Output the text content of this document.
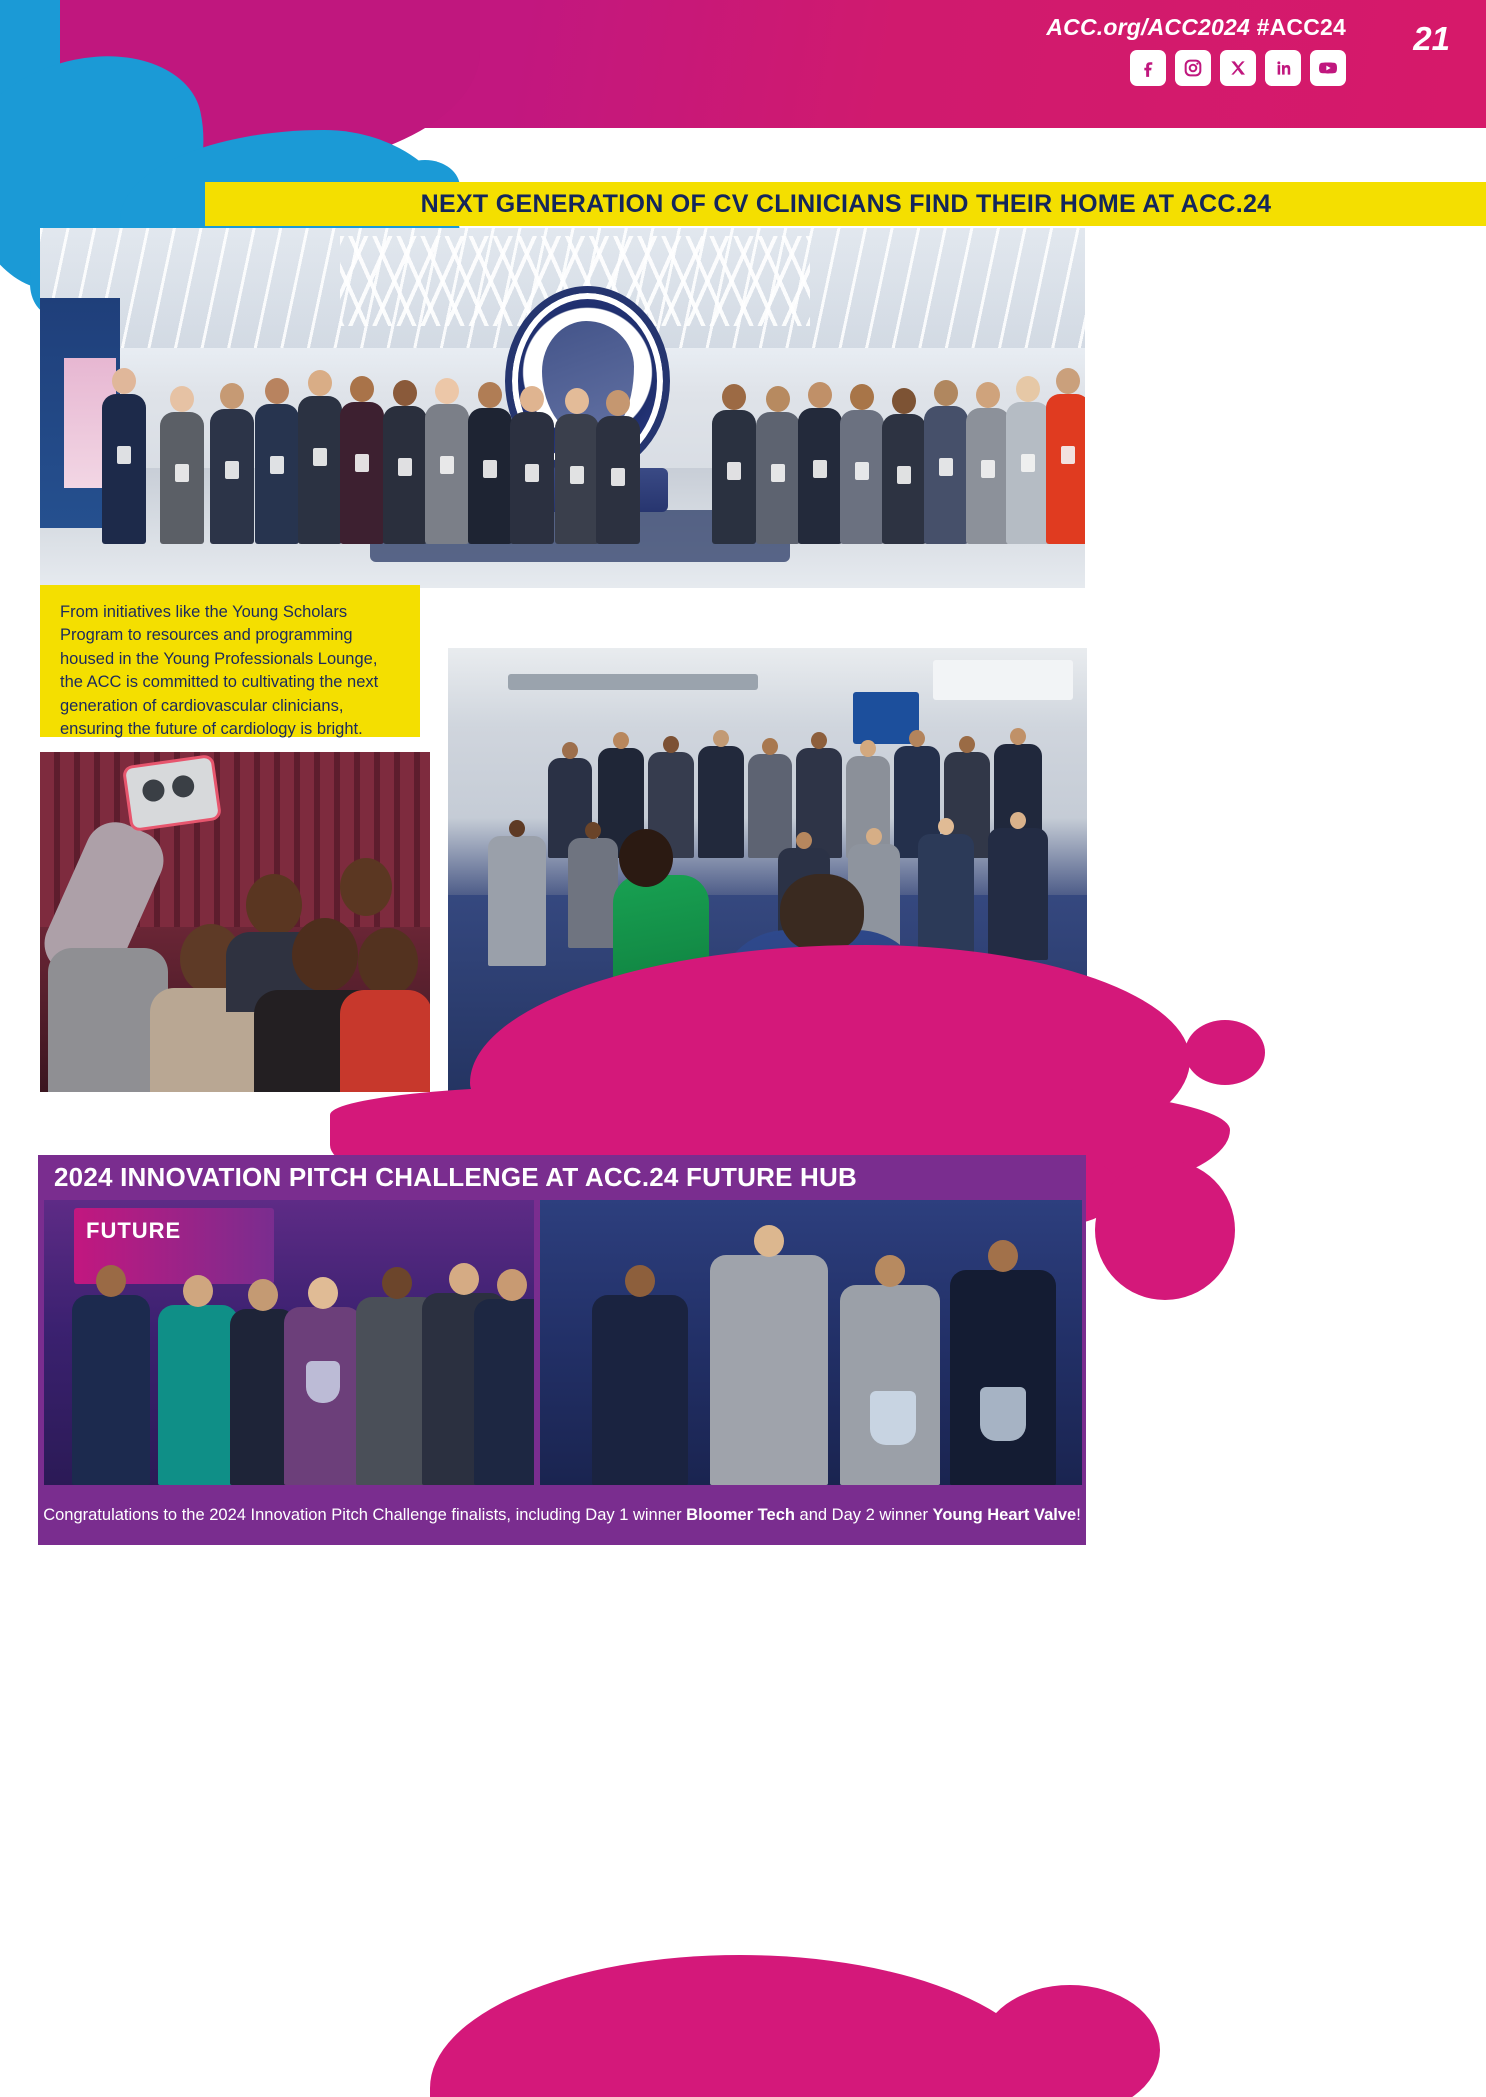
ACC.org/ACC2024 #ACC24 21
NEXT GENERATION OF CV CLINICIANS FIND THEIR HOME AT ACC.24

From initiatives like the Young Scholars Program to resources and programming housed in the Young Professionals Lounge, the ACC is committed to cultivating the next generation of cardiovascular clinicians, ensuring the future of cardiology is bright.

2024 INNOVATION PITCH CHALLENGE AT ACC.24 FUTURE HUB
FUTURE

Congratulations to the 2024 Innovation Pitch Challenge finalists, including Day 1 winner Bloomer Tech and Day 2 winner Young Heart Valve!
